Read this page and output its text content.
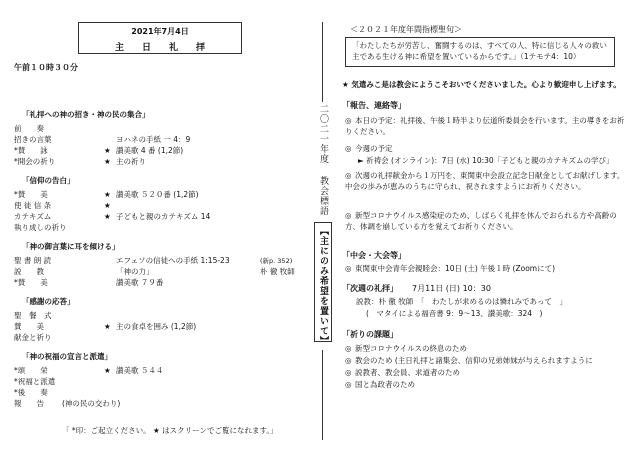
2021年7月4日
主日礼拝
午前１０時３０分
「礼拝への神の招き・神の民の集合」
前　　奏
招きの言葉	ヨハネの手紙 一 4：9
*賛　　詠	★ 讃美歌 4 番 (1,2節)
*開会の祈り	★ 主の祈り
「信仰の告白」
*賛　　美	★ 讃美歌 ５２０番 (1,2節)
使 徒 信 条	★
カテキズム	★ 子どもと親のカテキズム 14
執り成しの祈り
「神の御言葉に耳を傾ける」
聖 書 朗 読	エフェソの信徒への手紙 1:15-23	(新p. 352)
説　　教	「神の力」	朴 徹 牧師
*賛　　美	讃美歌 ７９番
「感謝の応答」
聖　餐　式
賛　　美	★ 主の食卓を囲み (1,2節)
献金と祈り
「神の祝福の宣言と派遣」
*頌　　栄	★ 讃美歌 ５４４
*祝福と派遣
*後　　奏
報　　告 (神の民の交わり)
「 *印：ご起立ください。 ★ はスクリーンでご覧になれます。」
二〇二一年度
教会標語
【主にのみ希望を置いて】
＜２０２１年度年間指標聖句＞
「わたしたちが労苦し、奮闘するのは、すべての人、特に信じる人々の救い主である生ける神に希望を置いているからです。」（1テモテ4：10）
★ 気遣みこ是は教会にようこそおいでくださいました。心より歓迎申し上げます。
「報告、連絡等」
◎ 本日の予定：礼拝後、午後１時半より伝道所委員会を行います。主の導きをお祈りください。
◎ 今週の予定
► 祈祷会 (オンライン)：7日 (水) 10:30「子どもと親のカテキズムの学び」
◎ 次週の礼拝献金から１万円を、東関東中会設立記念日献金としてお献げします。中会の歩みが恵みのうちに守られ、祝されますようにお祈りください。
◎ 新型コロナウイルス感染症のため、しばらく礼拝を休んでおられる方や高齢の方、体調を崩している方を覚えてお祈りください。
「中会・大会等」
◎ 東関東中会青年会親睦会：10日 (土) 午後１時 (Zoomにて)
「次週の礼拝」 7月11日 (日) 10：30
説教：朴 徹 牧師　「　わたしが求めるのは憐れみであって　」
(　マタイによる福音書 9：9～13、讃美歌：324　)
「祈りの課題」
◎ 新型コロナウイルスの終息のため
◎ 教会のため (主日礼拝と諸集会、信仰の兄弟姉妹が与えられますように
◎ 説教者、教会員、求道者のため
◎ 国と為政者のため
